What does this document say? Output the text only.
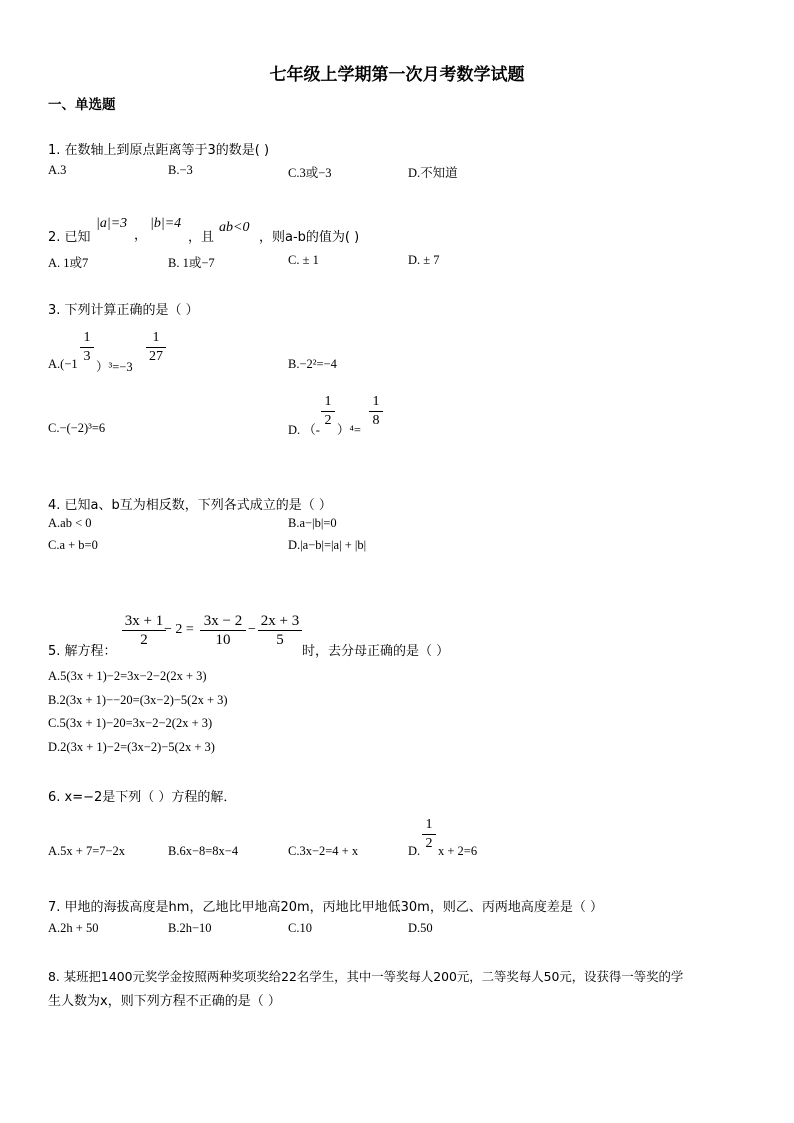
七年级上学期第一次月考数学试题
一、单选题
1. 在数轴上到原点距离等于3的数是( )
A.3	B.−3	C.3或−3	D.不知道
2. 已知
|a|=3
，
|b|=4
，且
ab<0
，则a-b的值为( )
A. 1或7	B. 1或−7	C. ± 1	D. ± 7
3. 下列计算正确的是（ ）
$A.(-1 \frac{1}{3}$
）³=−3
$\frac{1}{27}$	B.−2²=−4
C.−(−2)³=6	D. （- $\frac{1}{2} )^4= \frac{1}{8}$
4. 已知a、b互为相反数，下列各式成立的是（ ）
A.ab < 0	B.a−|b|=0
C.a + b=0	D.|a−b|=|a| + |b|
5. 解方程：
$\frac{3x + 1}{2}$
− $2 = \frac{3x - 2}{10} - \frac{2x + 3}{5}$
时，去分母正确的是（ ）
A.5(3x + 1)−2=3x−2−2(2x + 3)
B.2(3x + 1)−−20=(3x−2)−5(2x + 3)
C.5(3x + 1)−20=3x−2−2(2x + 3)
D.2(3x + 1)−2=(3x−2)−5(2x + 3)
6. x=−2是下列（ ）方程的解．
A.5x + 7=7−2x	B.6x−8=8x−4	C.3x−2=4 + x	D. $\frac{1}{2}$ x + 2=6
7. 甲地的海拔高度是hm，乙地比甲地高20m，丙地比甲地低30m，则乙、丙两地高度差是（ ）
A.2h + 50	B.2h−10	C.10	D.50
8. 某班把1400元奖学金按照两种奖项奖给22名学生，其中一等奖每人200元，二等奖每人50元，设获得一等奖的学
生人数为x，则下列方程不正确的是（ ）
